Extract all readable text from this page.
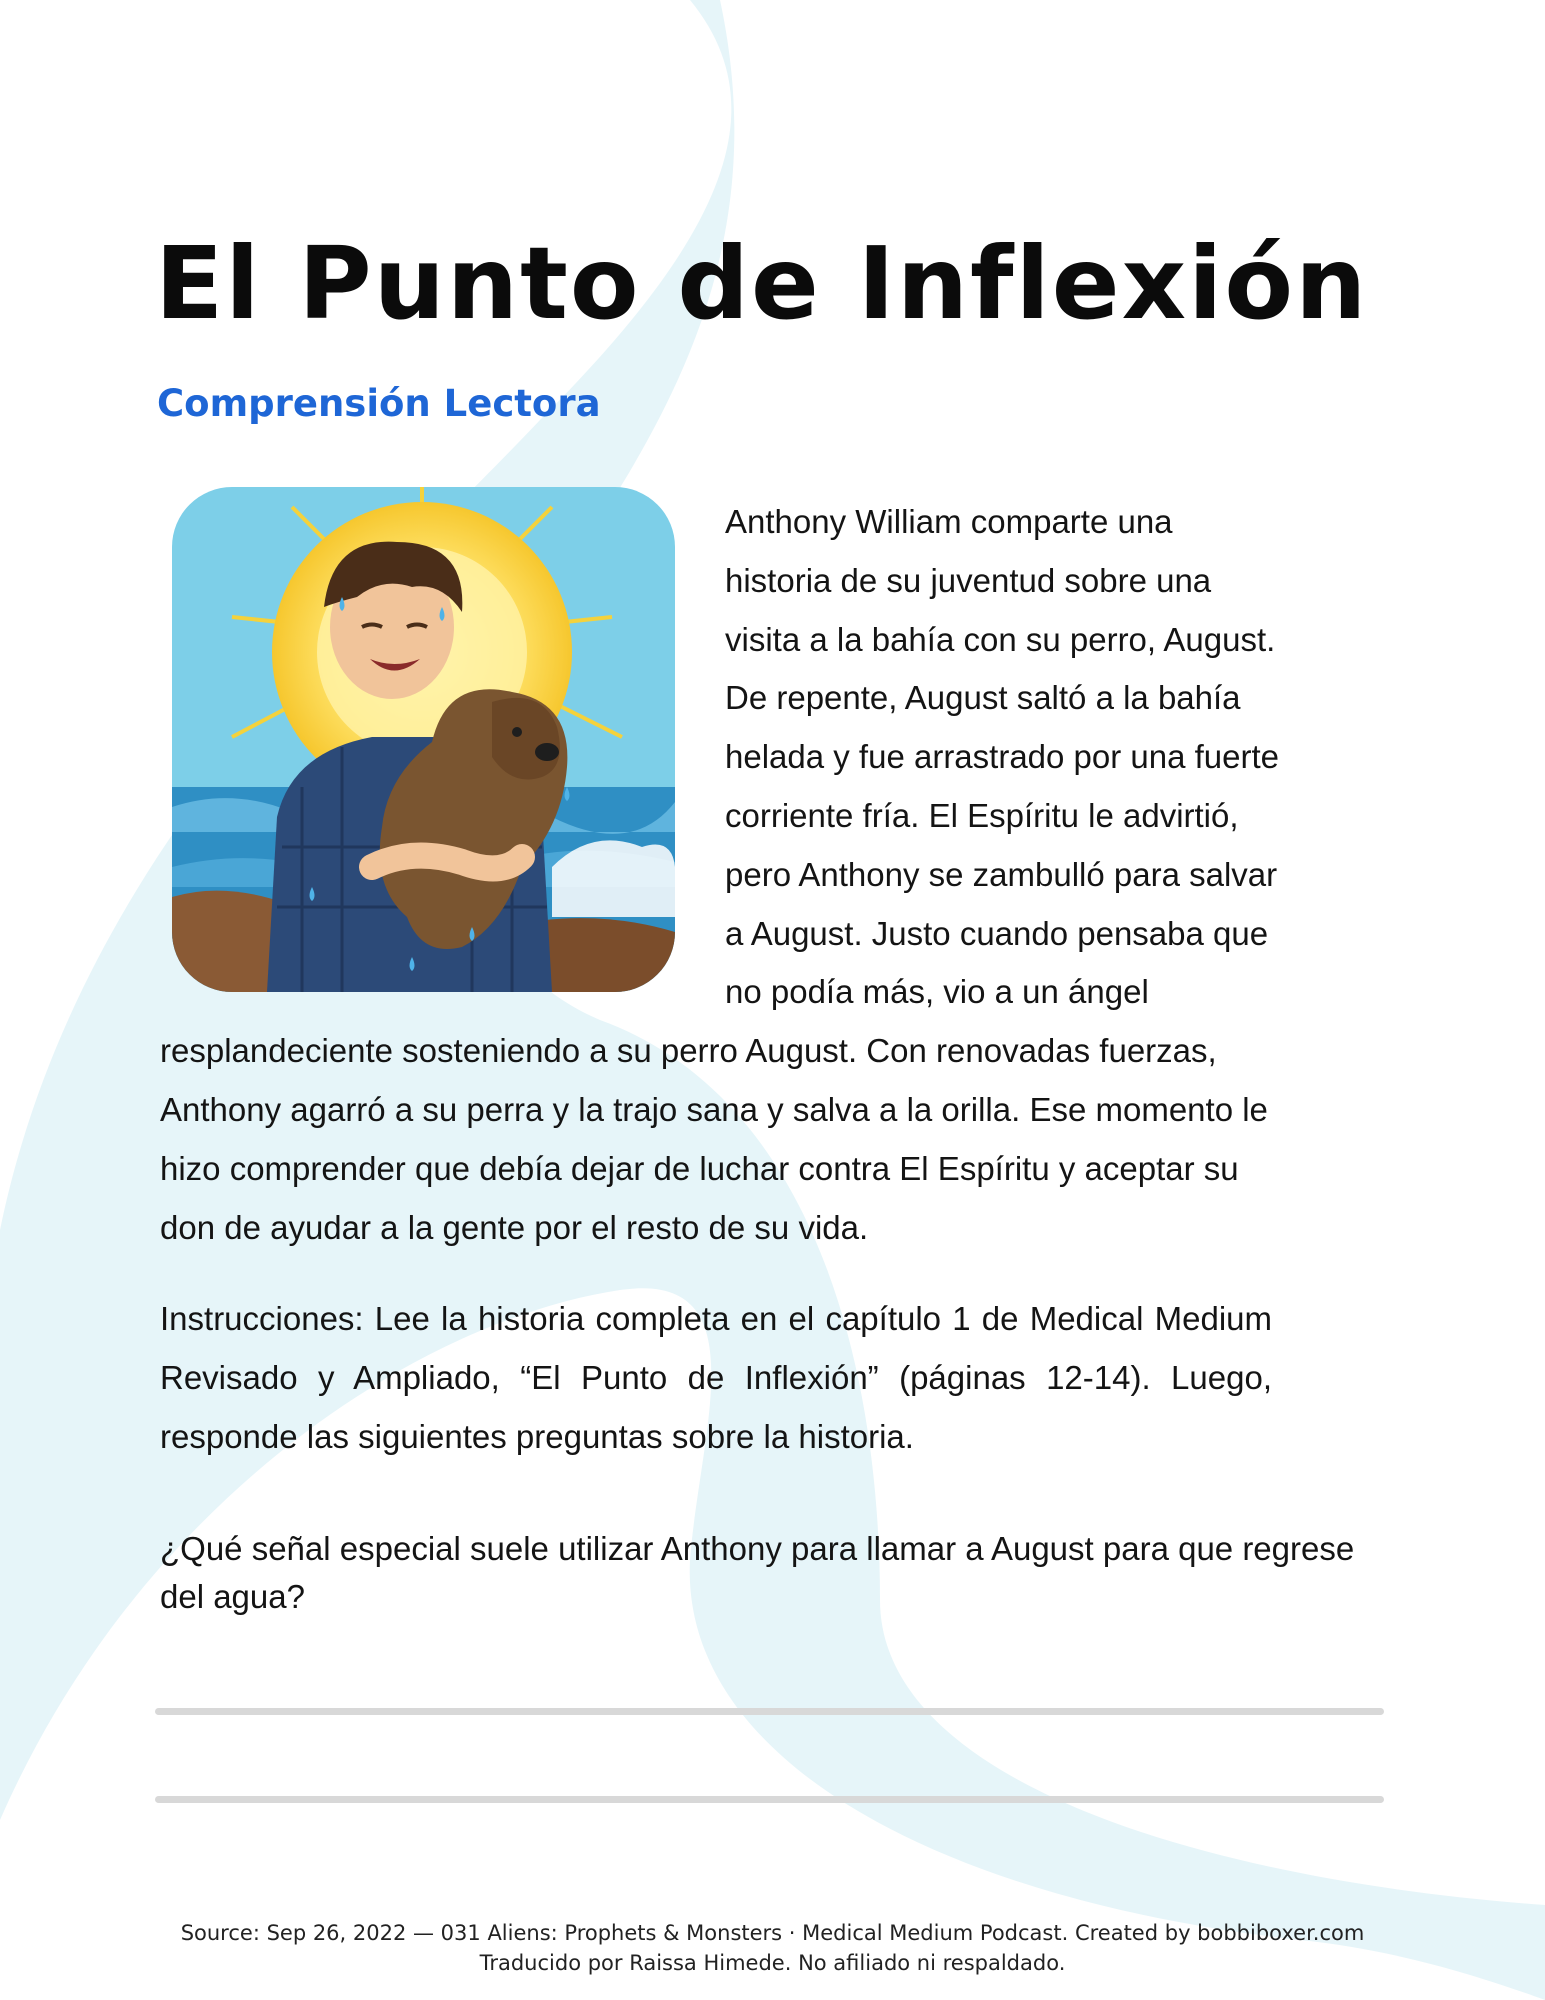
El Punto de Inflexión
Comprensión Lectora

Anthony William comparte una historia de su juventud sobre una visita a la bahía con su perro, August. De repente, August saltó a la bahía helada y fue arrastrado por una fuerte corriente fría. El Espíritu le advirtió, pero Anthony se zambulló para salvar a August. Justo cuando pensaba que no podía más, vio a un ángel resplandeciente sosteniendo a su perro August. Con renovadas fuerzas, Anthony agarró a su perra y la trajo sana y salva a la orilla. Ese momento le hizo comprender que debía dejar de luchar contra El Espíritu y aceptar su don de ayudar a la gente por el resto de su vida.

Instrucciones: Lee la historia completa en el capítulo 1 de Medical Medium Revisado y Ampliado, “El Punto de Inflexión” (páginas 12-14). Luego, responde las siguientes preguntas sobre la historia.

¿Qué señal especial suele utilizar Anthony para llamar a August para que regrese del agua?

Source: Sep 26, 2022 — 031 Aliens: Prophets & Monsters · Medical Medium Podcast. Created by bobbiboxer.com
Traducido por Raissa Himede. No afiliado ni respaldado.
